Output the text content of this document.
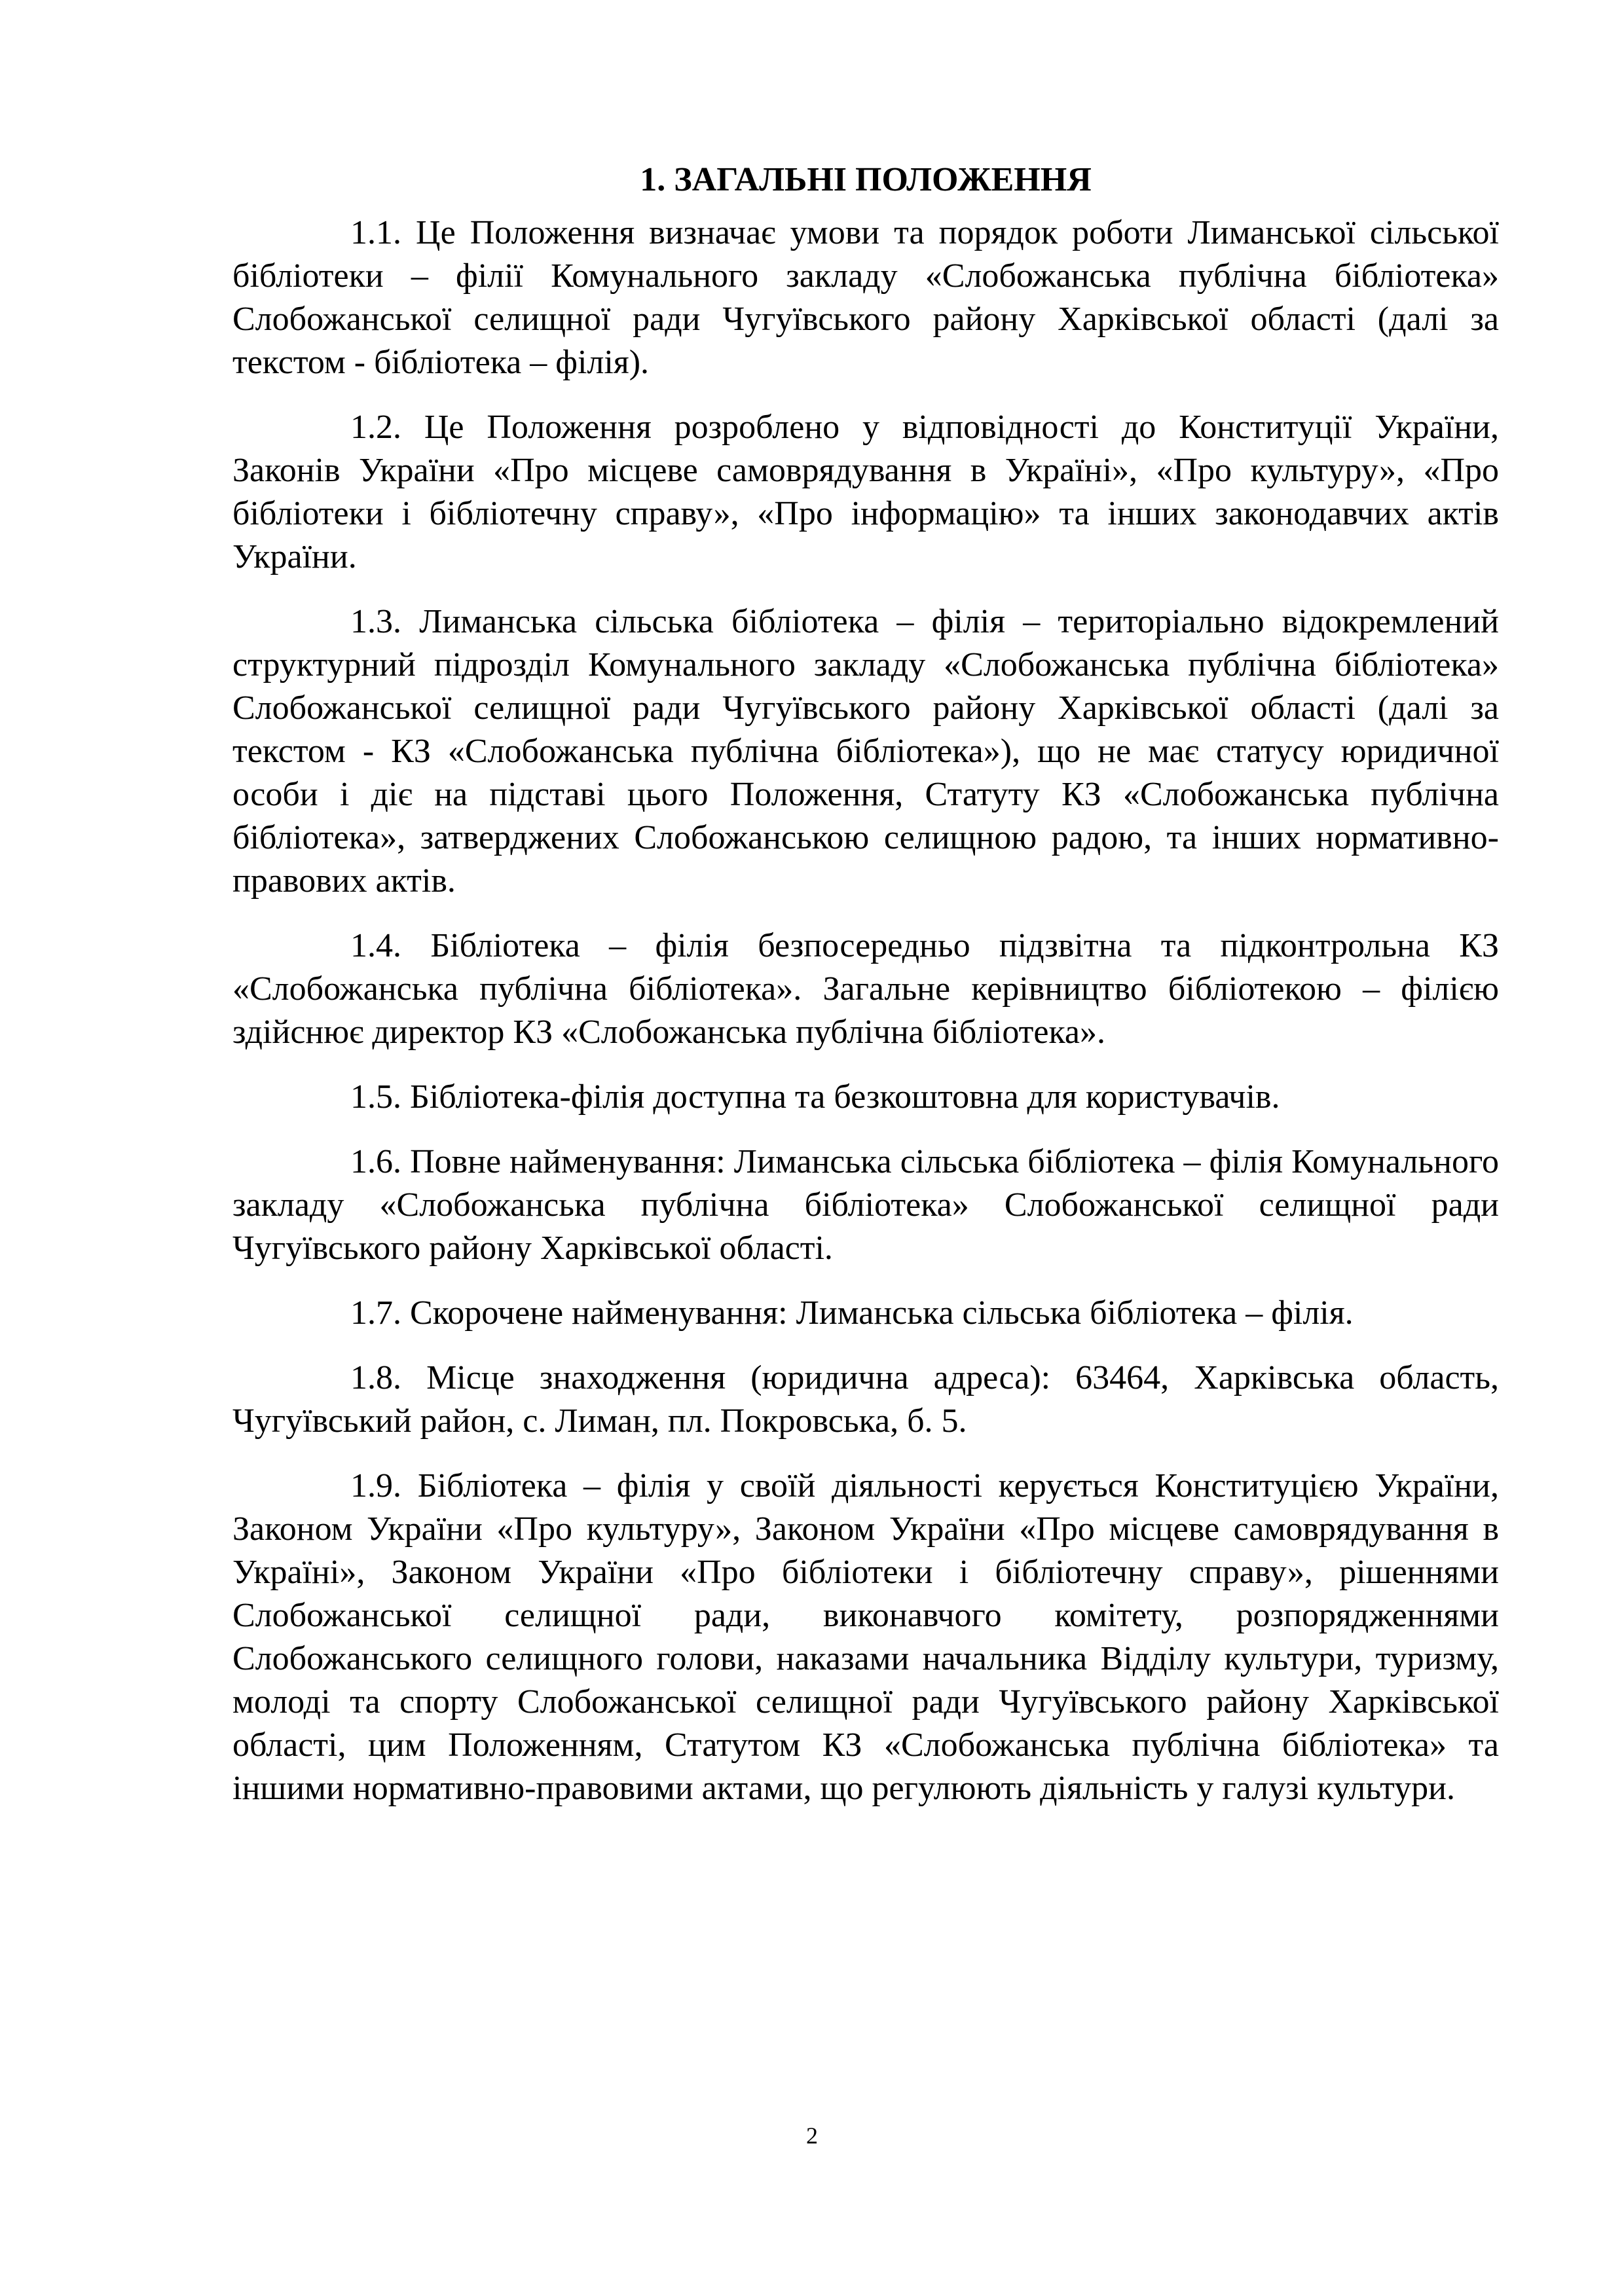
1. ЗАГАЛЬНІ ПОЛОЖЕННЯ

1.1. Це Положення визначає умови та порядок роботи Лиманської сільської бібліотеки – філії Комунального закладу «Слобожанська публічна бібліотека» Слобожанської селищної ради Чугуївського району Харківської області (далі за текстом - бібліотека – філія).

1.2. Це Положення розроблено у відповідності до Конституції України, Законів України «Про місцеве самоврядування в Україні», «Про культуру», «Про бібліотеки і бібліотечну справу», «Про інформацію» та інших законодавчих актів України.

1.3. Лиманська сільська бібліотека – філія – територіально відокремлений структурний підрозділ Комунального закладу «Слобожанська публічна бібліотека» Слобожанської селищної ради Чугуївського району Харківської області (далі за текстом - КЗ «Слобожанська публічна бібліотека»), що не має статусу юридичної особи і діє на підставі цього Положення, Статуту КЗ «Слобожанська публічна бібліотека», затверджених Слобожанською селищною радою, та інших нормативно-правових актів.

1.4. Бібліотека – філія безпосередньо підзвітна та підконтрольна КЗ «Слобожанська публічна бібліотека». Загальне керівництво бібліотекою – філією здійснює директор КЗ «Слобожанська публічна бібліотека».

1.5. Бібліотека-філія доступна та безкоштовна для користувачів.

1.6. Повне найменування: Лиманська сільська бібліотека – філія Комунального закладу «Слобожанська публічна бібліотека» Слобожанської селищної ради Чугуївського району Харківської області.

1.7. Скорочене найменування: Лиманська сільська бібліотека – філія.

1.8. Місце знаходження (юридична адреса): 63464, Харківська область, Чугуївський район, с. Лиман, пл. Покровська, б. 5.

1.9. Бібліотека – філія у своїй діяльності керується Конституцією України, Законом України «Про культуру», Законом України «Про місцеве самоврядування в Україні», Законом України «Про бібліотеки і бібліотечну справу», рішеннями Слобожанської селищної ради, виконавчого комітету, розпорядженнями Слобожанського селищного голови, наказами начальника Відділу культури, туризму, молоді та спорту Слобожанської селищної ради Чугуївського району Харківської області, цим Положенням, Статутом КЗ «Слобожанська публічна бібліотека» та іншими нормативно-правовими актами, що регулюють діяльність у галузі культури.

2
